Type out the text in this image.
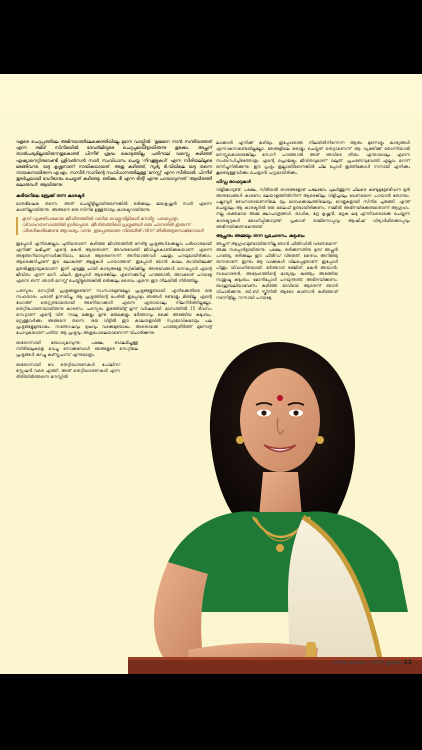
വളരെ ചെറുപ്പത്തിലേ അഭിനയത്തിലേക്കെത്തിയില്ലേ മുന്നേ വായ്പ്പിൽ. 'ഉമ്മനെ നാൻ സന്തിയത്തത് എന്ന തമിഴ് സിനിമയിൽ ദേവൻജിയുടെ ചെറുപ്പമായിട്ടായിരുന്നു തുടക്കം. അച്ഛന് താൽപര്യമില്ലായിരുന്നതുകൊണ്ട് പിന്നീട് ശ്രദ്ധ കൊടുത്തില്ല. പതിനാല് വയസ്സു കഴിഞ്ഞ് ഏഷ്യാനെറ്റിനുവേണ്ടി ശ്രീവൽസൻ സാർ സംവിധാനം ചെയ്ത 'നിറക്കൂട്ടുകൾ' എന്ന സീരിയലിലൂടെ മടങ്ങിവന്നു. യദു കൃഷ്ണനാണ് നായികയായത്. അതു കഴിഞ്ഞ്, സൂര്യ ടി.വിയിലെ യദു തന്നെ നായകനായിരുന്ന എ.എം. സസീർ സാറിന്റെ സംവിധാനത്തിലുള്ള 'മനസ്സ്' എന്ന സീരിയൽ. പിന്നീട് തുടർച്ചയായി വേറിടാനും ചെയ്തത് കഴിഞ്ഞു. ഒരിക്കും ദീ എന്ന ടിന്റി എന്നു പറയാവുന്നത് 'ആയിരത്തി ലൊരുവൾ' ആയിരുന്നു.

കരിയറിലെ ബ്രേക്ക് തന്ന കാരക്ടർ

മാതഭിഷേക തന്നെ. അത് ചെയ്തിട്ടില്ലായിരുന്നെങ്കിൽ ഒരിക്കലും ജയകൃഷ്ണൻ സാർ എന്നെ കാണില്ലായിരുന്നു. അങ്ങനെ ഒരു സിനിമ ഉള്ളതായും കാരക്ടറായിരുന്നു.

മുമ്പ് വ്യക്തിപരമായ ജീവിതത്തിൽ വലിയ വെല്ലുവിളികൾ നേരിട്ടു. പലപ്പോഴും വിവാഹബന്ധത്തിൽ ഉൾപ്പെടെ. ജീവിതത്തിലെ പ്രശ്നങ്ങൾ ഒരു ചാനലിൽ ഇരുന്ന് വിശദീകരിക്കേണ്ട ആവശ്യം വന്നു. ഇപ്പോഴത്തെ നിലയിൽ നിന്ന് തിരിഞ്ഞുനോക്കുമ്പോൾ

ഇപ്പോൾ എനിക്കെല്ലാം പുതിയതാണ്. കഴിഞ്ഞ ജീവിതത്തിൽ നേരിട്ട പ്രശ്നങ്ങൾക്കെല്ലാം പരിഹാരമായി എനിക്ക് ലഭിച്ചത് എന്റെ മകൻ ആയതാണ്. അവനുവേണ്ടി ജീവിച്ചുകൊണ്ടിക്കുകയാണ്. എന്നെ അടുത്തറിയാവുന്നവർക്കറിയാം, മോശ ആരെന്നെന്ന്. അറിയാത്തവർ പലതും പറയുമായിരിക്കാം. ആരെക്കുറിച്ചാണ് ഈ ലോകത്ത് ആളുകൾ പറയാത്തത്. ഇപ്പോൾ ഞാൻ കാലം ഓവിയിലേക്ക് മുതൽക്കൂട്ടായുകയാണ്. ഇനി എടുത്തു ചായി കാര്യങ്ങളേ സ്വീകിക്കില്ല. അനുഭവങ്ങൾ വന്നപ്പോൾ എന്റെ ജീവിതം എന്ന് മാറി. ചിലർ, ഇപ്പോൾ ആരെങ്കിലും എന്നെക്കുറിച്ച് പറഞ്ഞാൽ, അവരോട് പറയട്ടേ എന്നെ ഒന്ന്. ഞാൻ മനസ്സ് ചെയ്തിട്ടുണ്ടെങ്കിൽ ഒരിക്കലും ദൈവം എന്നെ ഈ നിലയിൽ നിർത്തില്ല.

പരസ്പരം സെറ്റിൽ പ്രശ്നങ്ങളുണ്ടെന്ന് സംസാരമുണ്ടല്ലോ പ്രശ്നങ്ങളുണ്ടായി. എനിക്കെതിരെ ഒരു സഹതാരം പരാതി ഉന്നയിച്ചു. ആ പ്രശ്നത്തിന്റെ പേരിൽ ഇപ്പോഴും ഞങ്ങൾ രണ്ടാളും മിണ്ടില്ല. എന്റെ ഭാഗത്ത് തെറ്റുണ്ടായതായി അണിയറക്കാർ എന്നെ ഏതായാലും നിലനിർത്തില്ലല്ലോ. തെറ്റിദ്ധാരണയായിരുന്നു കാരണം. പരസ്പരം തുടങ്ങിയിട്ട് മൂന്ന് വർഷമായി. മാസത്തിൽ 15 ദിവസം സെറ്റാണ് എന്റെ വീട്. നാലു മക്കളും മൂന്നു മരുമക്കളും ഭർത്താവും ഒക്കെ അടങ്ങിയ കുടുംബം. മറ്റുള്ളവർക്കും അങ്ങനെ തന്നെ. ഒരു വീട്ടിൽ ഈ കാലയളവിൽ സ്വാഭാവികമായും പല പ്രശ്നങ്ങളുമുണ്ടാകും. സന്തോഷവും ദുഃഖവും വഴക്കുമുണ്ടാകും. അതൊക്കെ പറഞ്ഞുതീർത്ത് മുന്നോട്ട് പോവുകയാണ് പതിവ്. ആ പ്രശ്നവും അതുപോലെയാണെന്ന് വിചാരിക്കുന്നു.

ഓരോന്നായി ബോധ്യമാവുന്നു. പക്ഷേ, ബാലഭിച്ചുള്ള സിരിയലുകളെ വെച്ചു നോക്കുമ്പോൾ ഞങ്ങളുടെ സെറ്റിലെ പ്രശ്നങ്ങൾ കുറച്ചു കഴ്സ്തപാസ് എന്നുമാത്രം.

ഓരോന്നായി വേ തെറ്റിദ്ധാരണകൾ പോലീസ് സ്റ്റേഷൻ വരെ എത്തി. അത് തെറ്റിദ്ധാരണകൾ എന്ന രീതിയിൽത്തന്നെ മനസ്സിൽ

ലാക്കാൻ എനിക്ക് കഴിയും. ഇപ്പോഴത്തെ നിലയിൽനിന്നെന്ന ആരും മുന്നോട്ടും കാര്യങ്ങൾ എന്നാകനാണ്ടെയില്ലല്ലോ. ഞങ്ങളിലെ ഒരാളും ചെയ്തത് തെറ്റാണെന്ന് ആ വ്യക്തിക്ക് തോന്നിയാൽ മനസ്സുകൊണ്ടെങ്കിലും സോറി പറഞ്ഞാൽ അത് അവിടെ തീരും. എന്തായാലും എന്നെ സംബന്ധിച്ചിടത്തോളം എന്റെ പ്രൊജക്ടും ജീവിതവുമാണ് വലുത്. പ്രചരണവുവേണ്ടി എല്ലാം മറന്ന് ഒന്നിച്ചുനിൽക്കുന്നു. ഈ പ്രശ്നം ഇല്ലായിരുന്നെങ്കിൽ ചില പ്പോൾ ഇത്തിക്കോൾ നന്നായി എനിക്കും കൂടെയുള്ളവർക്കും ചെയ്യാൻ പറ്റുമായിരിക്കും.

ഹിഡ്ഡ ഓഫറുകൾ

വിളിക്കാറുണ്ട്. പക്ഷേ, സീരിയൽ താരങ്ങളോട് പക്ഷഭേദം പുലർത്തുന്ന ചിലരെ കണ്ടുമുട്ടേണ്ടിവന്ന മുൻ അനുഭവങ്ങൾ കാരണം മലയാളത്തിൽനിന്ന് ആരെങ്കിലും വിളിച്ചാലും വേണമെന്ന പറയാൻ തോന്നും. പല്ലാവൂർ ദേവനാരായണനിലെ യും മാമ്പഴക്കാലത്തിലെയും റോളുകളായി സിനിമ ചുരുങ്ങി. എന്ത് ചെയ്താലും ആ കാരക്ടറിൽ ഒരു ലൈഫ് ഉണ്ടായിരിക്കണം. നമ്മിൽ അഭിനയിക്കേണ്ടതൊന്ന് ആഗ്രഹം. നല്ല ശക്തമായ അമ്മ ക്ഷാപാത്രങ്ങൾ. രാധിക, ഭദ്ര കൃഷ്ണൻ, ഭദ്രക ലടു എന്നിവരൊക്കെ ചെയ്യുന്ന കാരക്ടറുകൾ മോഹിപ്പിക്കാറുണ്ട്. പ്രകാശ് രാജിനൊപ്പവും ആഷിഷ് വിദ്യാർഥിക്കൊപ്പവും അഭിനയിക്കണമെന്നുണ്ട്.

ആച്ഛനും അമ്മയും തന്ന പ്രചോദനം, കുടുംബം

അച്ഛന് ആഗ്രഹമുണ്ടായിരുന്നില്ല ഞാൻ ഫീൽഡിൽ വരണമെന്ന്. അമ്മ സപ്പോർട്ടായിരുന്നു. പക്ഷേ, ഒരിക്കുന്നതിനു മുമ്പ് അച്ഛൻ പറഞ്ഞു, ഒരിക്കലും ഈ ഫീൽഡ് വിടരുത്. ദൈവം അറിഞ്ഞു തന്നതാണ്. ഇന്നും ആ വാക്കുകൾ വിലപ്പെട്ടതാണ്. ഇപ്പോൾ പിന്തും വിവാഹിതയായി. ഭർത്താവ് രഞ്ജിത്, മകൻ അയാൻ, സഹോദരൻ, അദ്ദേഹത്തിന്റെ ഭാര്യയും കുഞ്ഞും അടങ്ങിയ സന്തുഷ്ട കുടുംബം. മോനിപ്പോൾ പറയുന്നുണ്ട്, അഭിനയിക്കണം. ബാഹുബലിയാവേണം കഴിഞ്ഞ ഭാവിയെ ആരെന്ന് ഞാൻ വിചാരിക്കുന്നു. ബി.ബി സ്ക്രീനിൽ ആരോ കാണാൻ കഴിഞ്ഞത് നടന്നിട്ടില്ല. നന്നായി പറയട്ടേ.

വനിത കുടുംബം | 2016 ജൂലൈ 13
